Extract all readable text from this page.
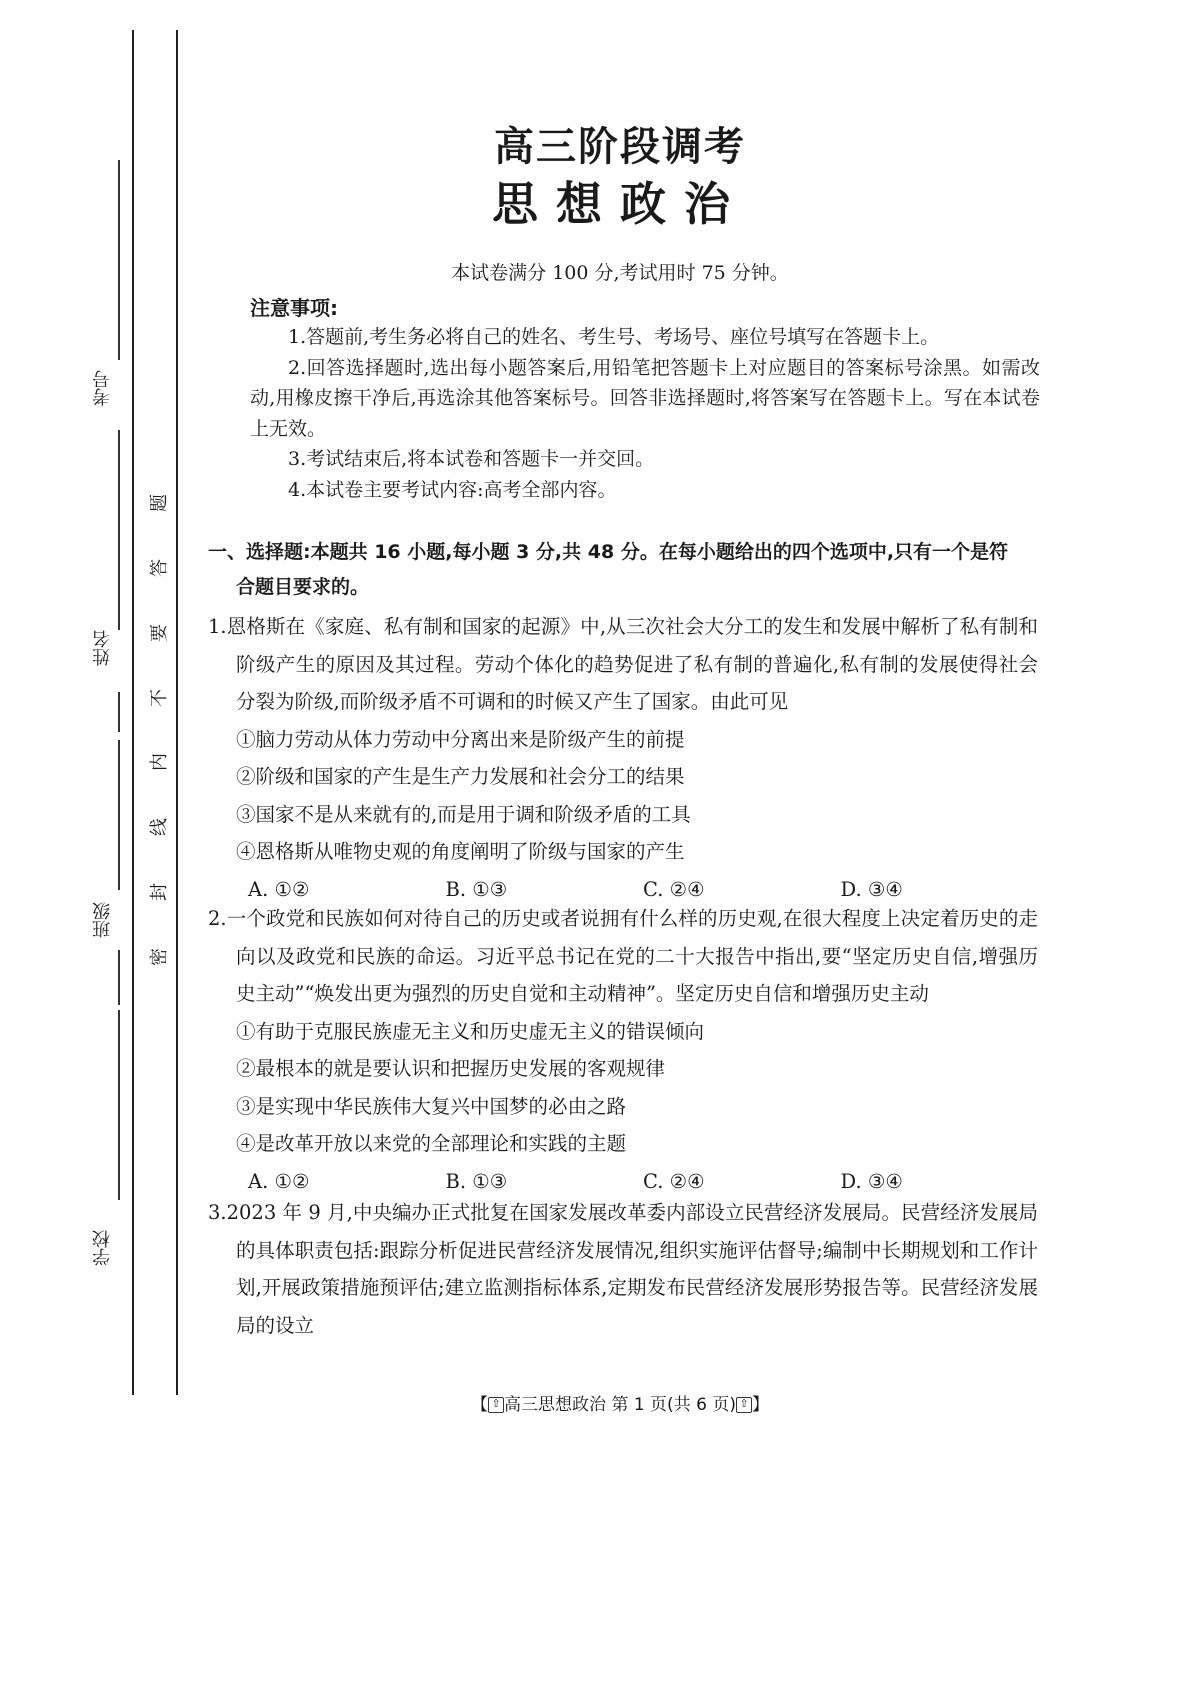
考号
姓名
班级
学校
题
答
要
不
内
线
封
密
高三阶段调考
思想政治
本试卷满分 100 分,考试用时 75 分钟。
注意事项:

1.答题前,考生务必将自己的姓名、考生号、考场号、座位号填写在答题卡上。

2.回答选择题时,选出每小题答案后,用铅笔把答题卡上对应题目的答案标号涂黑。如需改动,用橡皮擦干净后,再选涂其他答案标号。回答非选择题时,将答案写在答题卡上。写在本试卷上无效。

3.考试结束后,将本试卷和答题卡一并交回。

4.本试卷主要考试内容:高考全部内容。

一、选择题:本题共 16 小题,每小题 3 分,共 48 分。在每小题给出的四个选项中,只有一个是符
合题目要求的。

1.恩格斯在《家庭、私有制和国家的起源》中,从三次社会大分工的发生和发展中解析了私有制和阶级产生的原因及其过程。劳动个体化的趋势促进了私有制的普遍化,私有制的发展使得社会分裂为阶级,而阶级矛盾不可调和的时候又产生了国家。由此可见

①脑力劳动从体力劳动中分离出来是阶级产生的前提

②阶级和国家的产生是生产力发展和社会分工的结果

③国家不是从来就有的,而是用于调和阶级矛盾的工具

④恩格斯从唯物史观的角度阐明了阶级与国家的产生

A. ①②	B. ①③	C. ②④	D. ③④

2.一个政党和民族如何对待自己的历史或者说拥有什么样的历史观,在很大程度上决定着历史的走向以及政党和民族的命运。习近平总书记在党的二十大报告中指出,要“坚定历史自信,增强历史主动”“焕发出更为强烈的历史自觉和主动精神”。坚定历史自信和增强历史主动

①有助于克服民族虚无主义和历史虚无主义的错误倾向

②最根本的就是要认识和把握历史发展的客观规律

③是实现中华民族伟大复兴中国梦的必由之路

④是改革开放以来党的全部理论和实践的主题

A. ①②	B. ①③	C. ②④	D. ③④

3.2023 年 9 月,中央编办正式批复在国家发展改革委内部设立民营经济发展局。民营经济发展局的具体职责包括:跟踪分析促进民营经济发展情况,组织实施评估督导;编制中长期规划和工作计划,开展政策措施预评估;建立监测指标体系,定期发布民营经济发展形势报告等。民营经济发展局的设立

【 ⇧ 高三思想政治 第 1 页(共 6 页) ⇧ 】
